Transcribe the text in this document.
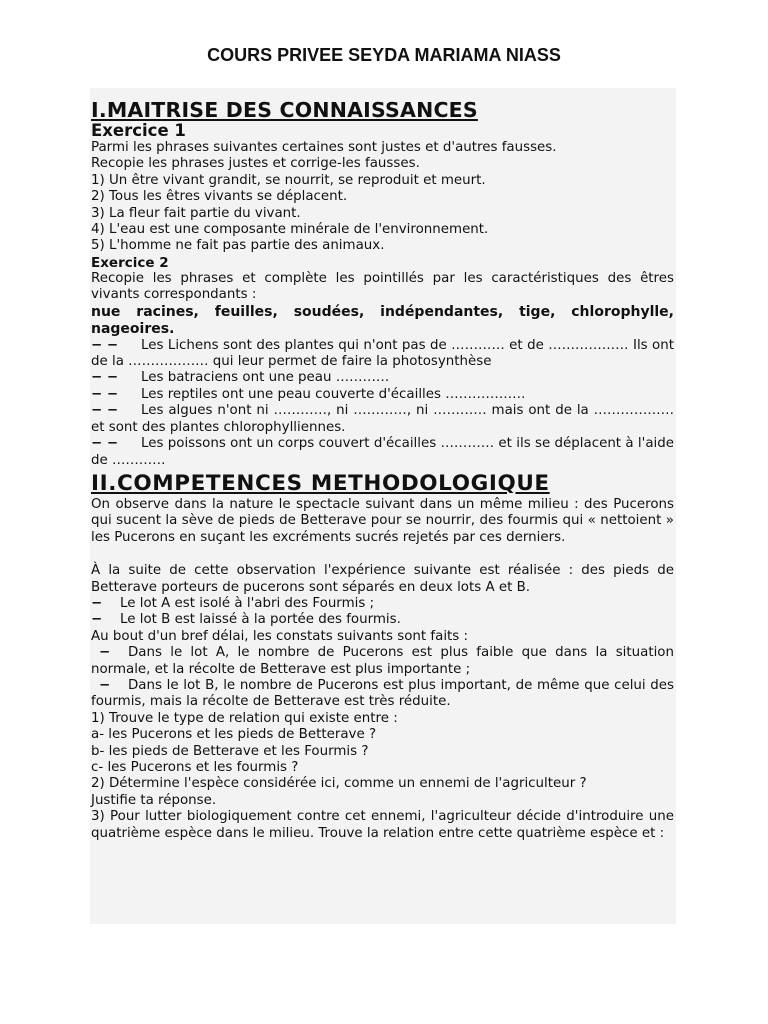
COURS PRIVEE SEYDA MARIAMA NIASS
I.MAITRISE DES CONNAISSANCES
Exercice 1

Parmi les phrases suivantes certaines sont justes et d'autres fausses.

Recopie les phrases justes et corrige-les fausses.

1) Un être vivant grandit, se nourrit, se reproduit et meurt.

2) Tous les êtres vivants se déplacent.

3) La fleur fait partie du vivant.

4) L'eau est une composante minérale de l'environnement.

5) L'homme ne fait pas partie des animaux.

Exercice 2

Recopie les phrases et complète les pointillés par les caractéristiques des êtres vivants correspondants :

nue racines, feuilles, soudées, indépendantes, tige, chlorophylle, nageoires.

− − Les Lichens sont des plantes qui n'ont pas de ………… et de ……………… Ils ont de la ……………… qui leur permet de faire la photosynthèse

− − Les batraciens ont une peau …………

− − Les reptiles ont une peau couverte d'écailles ………………

− − Les algues n'ont ni …………, ni …………, ni ………… mais ont de la ……………… et sont des plantes chlorophylliennes.

− − Les poissons ont un corps couvert d'écailles ………… et ils se déplacent à l'aide de …………

II.COMPETENCES METHODOLOGIQUE

On observe dans la nature le spectacle suivant dans un même milieu : des Pucerons qui sucent la sève de pieds de Betterave pour se nourrir, des fourmis qui « nettoient » les Pucerons en suçant les excréments sucrés rejetés par ces derniers.

À la suite de cette observation l'expérience suivante est réalisée : des pieds de Betterave porteurs de pucerons sont séparés en deux lots A et B.

− Le lot A est isolé à l'abri des Fourmis ;

− Le lot B est laissé à la portée des fourmis.

Au bout d'un bref délai, les constats suivants sont faits :

− Dans le lot A, le nombre de Pucerons est plus faible que dans la situation normale, et la récolte de Betterave est plus importante ;

− Dans le lot B, le nombre de Pucerons est plus important, de même que celui des fourmis, mais la récolte de Betterave est très réduite.

1) Trouve le type de relation qui existe entre :

a- les Pucerons et les pieds de Betterave ?

b- les pieds de Betterave et les Fourmis ?

c- les Pucerons et les fourmis ?

2) Détermine l'espèce considérée ici, comme un ennemi de l'agriculteur ?

Justifie ta réponse.

3) Pour lutter biologiquement contre cet ennemi, l'agriculteur décide d'introduire une quatrième espèce dans le milieu. Trouve la relation entre cette quatrième espèce et :
